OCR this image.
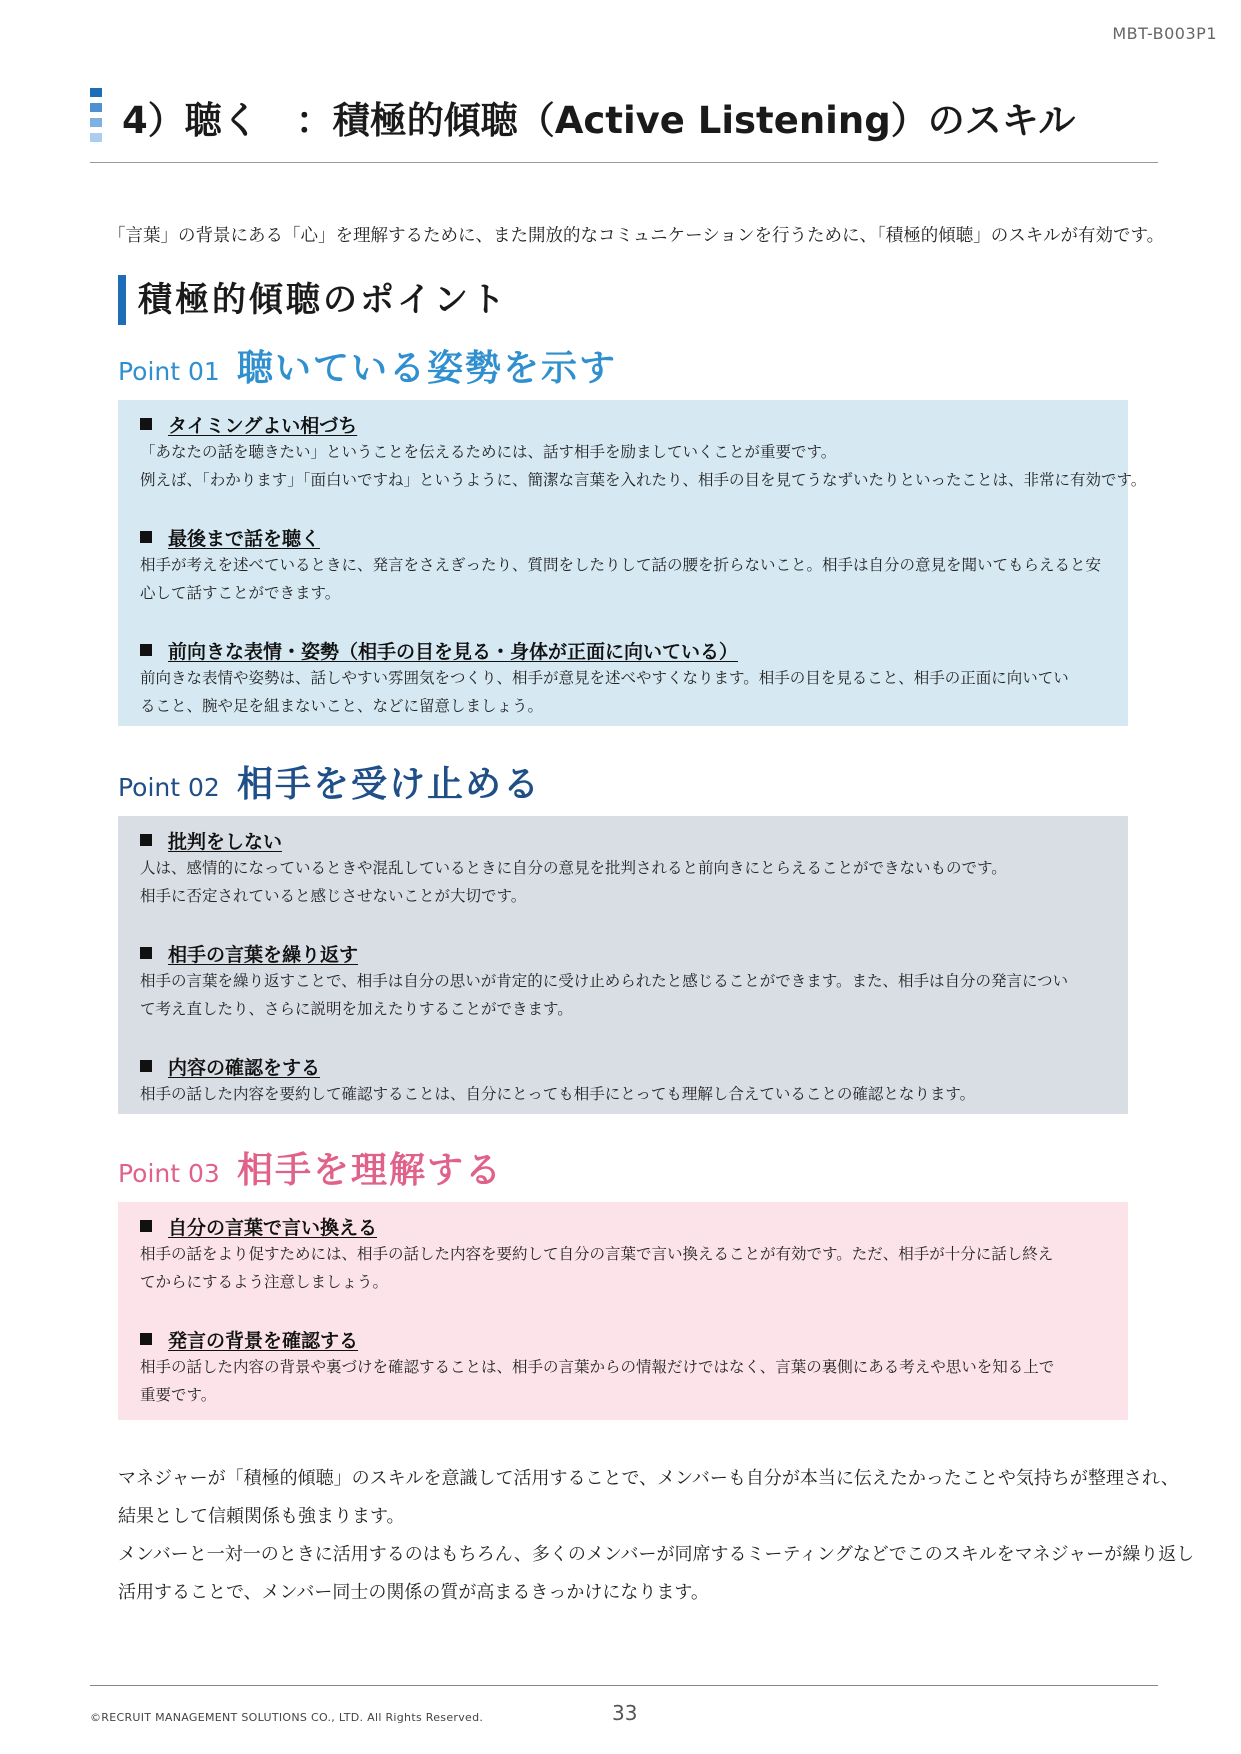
MBT-B003P1
4）聴く　：積極的傾聴（Active Listening）のスキル

「言葉」の背景にある「心」を理解するために、また開放的なコミュニケーションを行うために、「積極的傾聴」のスキルが有効です。

積極的傾聴のポイント
Point 01 聴いている姿勢を示す
タイミングよい相づち
「あなたの話を聴きたい」ということを伝えるためには、話す相手を励ましていくことが重要です。
例えば、「わかります」「面白いですね」というように、簡潔な言葉を入れたり、相手の目を見てうなずいたりといったことは、非常に有効です。
最後まで話を聴く
相手が考えを述べているときに、発言をさえぎったり、質問をしたりして話の腰を折らないこと。相手は自分の意見を聞いてもらえると安
心して話すことができます。
前向きな表情・姿勢（相手の目を見る・身体が正面に向いている）
前向きな表情や姿勢は、話しやすい雰囲気をつくり、相手が意見を述べやすくなります。相手の目を見ること、相手の正面に向いてい
ること、腕や足を組まないこと、などに留意しましょう。
Point 02 相手を受け止める
批判をしない
人は、感情的になっているときや混乱しているときに自分の意見を批判されると前向きにとらえることができないものです。
相手に否定されていると感じさせないことが大切です。
相手の言葉を繰り返す
相手の言葉を繰り返すことで、相手は自分の思いが肯定的に受け止められたと感じることができます。また、相手は自分の発言につい
て考え直したり、さらに説明を加えたりすることができます。
内容の確認をする
相手の話した内容を要約して確認することは、自分にとっても相手にとっても理解し合えていることの確認となります。
Point 03 相手を理解する
自分の言葉で言い換える
相手の話をより促すためには、相手の話した内容を要約して自分の言葉で言い換えることが有効です。ただ、相手が十分に話し終え
てからにするよう注意しましょう。
発言の背景を確認する
相手の話した内容の背景や裏づけを確認することは、相手の言葉からの情報だけではなく、言葉の裏側にある考えや思いを知る上で
重要です。

マネジャーが「積極的傾聴」のスキルを意識して活用することで、メンバーも自分が本当に伝えたかったことや気持ちが整理され、

結果として信頼関係も強まります。

メンバーと一対一のときに活用するのはもちろん、多くのメンバーが同席するミーティングなどでこのスキルをマネジャーが繰り返し

活用することで、メンバー同士の関係の質が高まるきっかけになります。

©RECRUIT MANAGEMENT SOLUTIONS CO., LTD. All Rights Reserved.	33
